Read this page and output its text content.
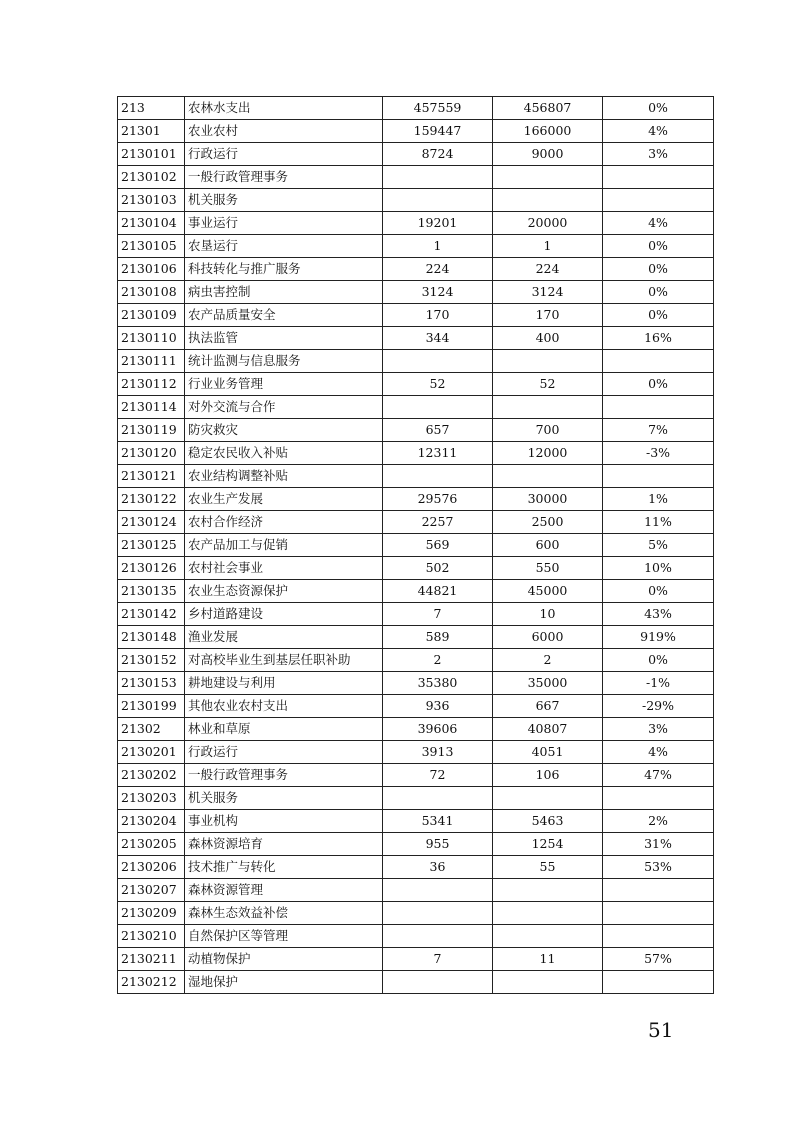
213	农林水支出	457559	456807	0%
21301	农业农村	159447	166000	4%
2130101	行政运行	8724	9000	3%
2130102	一般行政管理事务			
2130103	机关服务			
2130104	事业运行	19201	20000	4%
2130105	农垦运行	1	1	0%
2130106	科技转化与推广服务	224	224	0%
2130108	病虫害控制	3124	3124	0%
2130109	农产品质量安全	170	170	0%
2130110	执法监管	344	400	16%
2130111	统计监测与信息服务			
2130112	行业业务管理	52	52	0%
2130114	对外交流与合作			
2130119	防灾救灾	657	700	7%
2130120	稳定农民收入补贴	12311	12000	-3%
2130121	农业结构调整补贴			
2130122	农业生产发展	29576	30000	1%
2130124	农村合作经济	2257	2500	11%
2130125	农产品加工与促销	569	600	5%
2130126	农村社会事业	502	550	10%
2130135	农业生态资源保护	44821	45000	0%
2130142	乡村道路建设	7	10	43%
2130148	渔业发展	589	6000	919%
2130152	对高校毕业生到基层任职补助	2	2	0%
2130153	耕地建设与利用	35380	35000	-1%
2130199	其他农业农村支出	936	667	-29%
21302	林业和草原	39606	40807	3%
2130201	行政运行	3913	4051	4%
2130202	一般行政管理事务	72	106	47%
2130203	机关服务			
2130204	事业机构	5341	5463	2%
2130205	森林资源培育	955	1254	31%
2130206	技术推广与转化	36	55	53%
2130207	森林资源管理			
2130209	森林生态效益补偿			
2130210	自然保护区等管理			
2130211	动植物保护	7	11	57%
2130212	湿地保护			
51
